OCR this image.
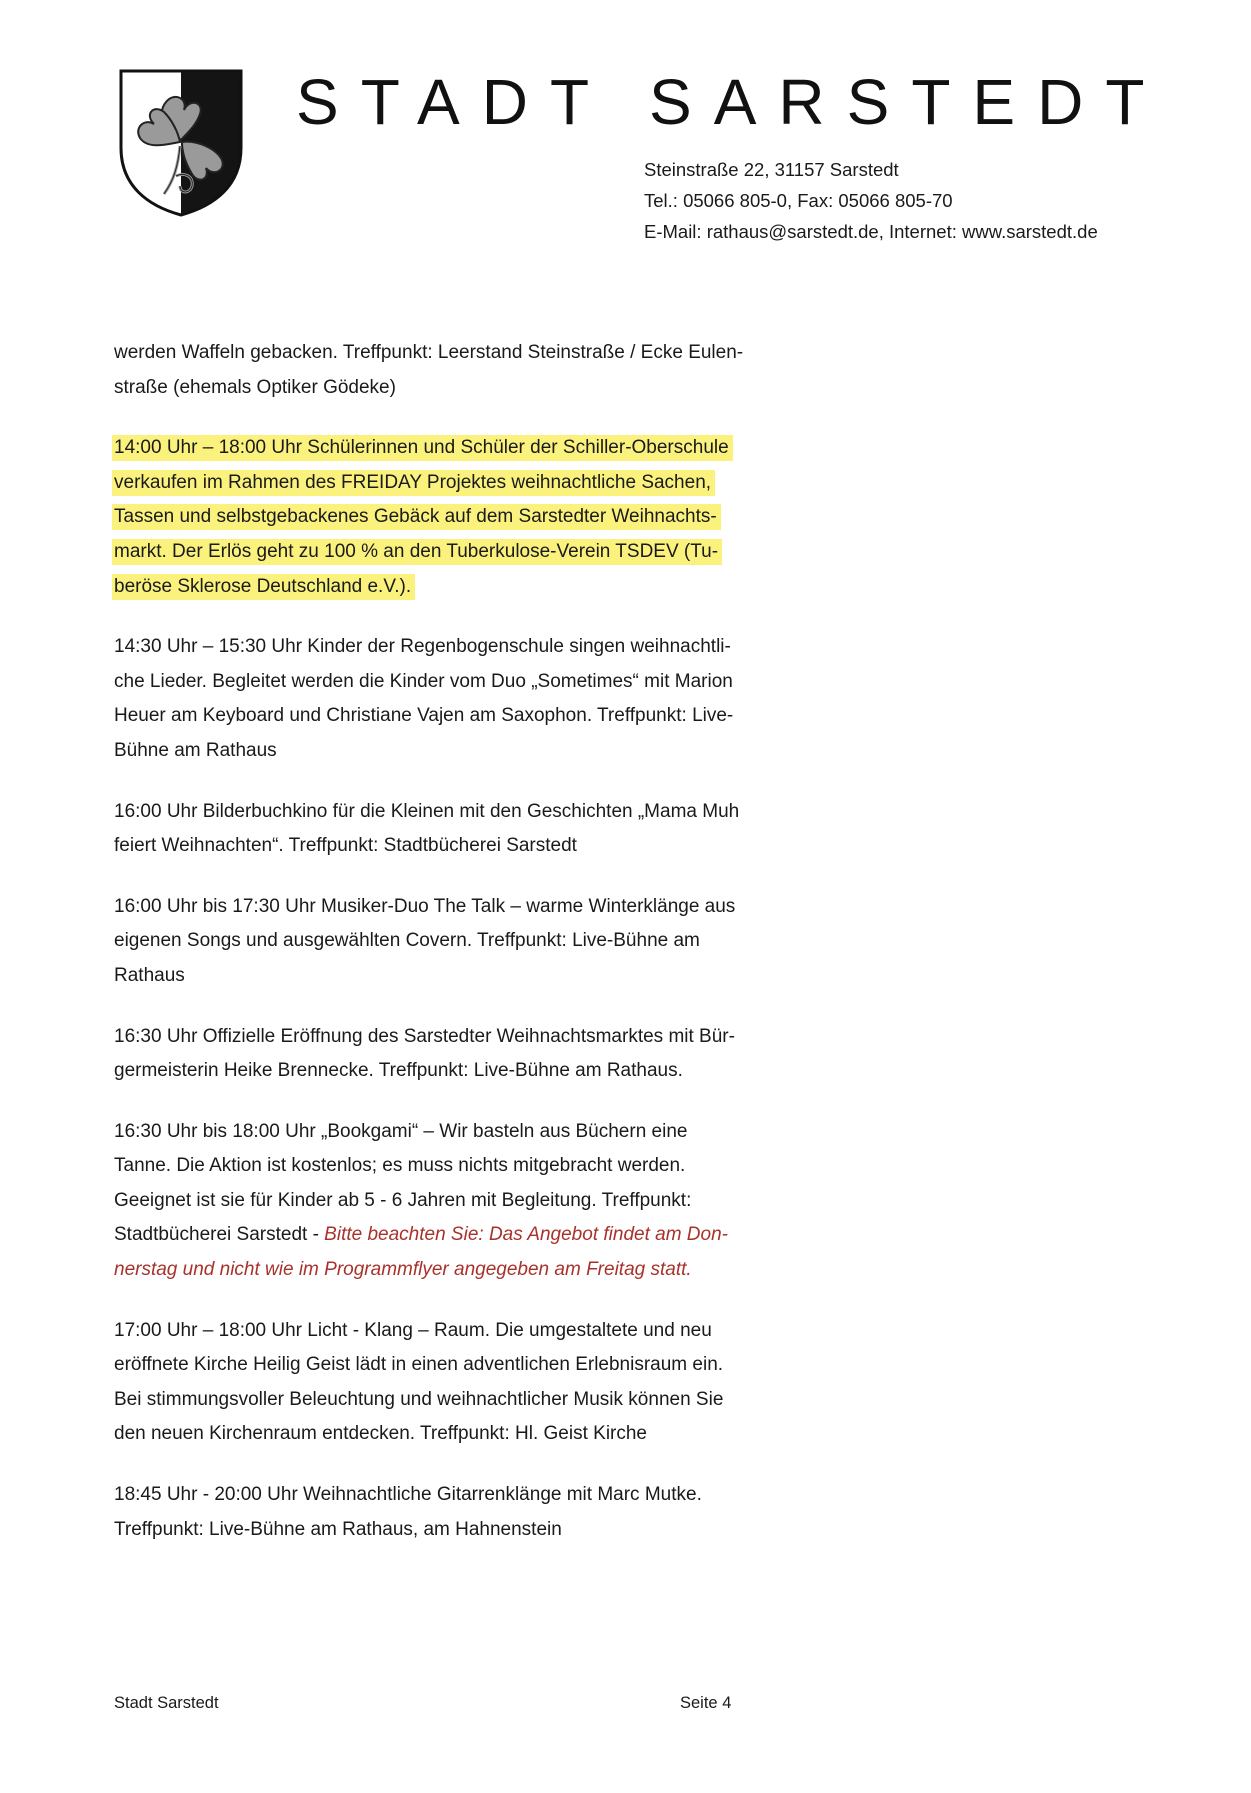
STADT SARSTEDT
Steinstraße 22, 31157 Sarstedt
Tel.: 05066 805-0, Fax: 05066 805-70
E-Mail: rathaus@sarstedt.de, Internet: www.sarstedt.de
werden Waffeln gebacken. Treffpunkt: Leerstand Steinstraße / Ecke Eulen-
straße (ehemals Optiker Gödeke)
14:00 Uhr – 18:00 Uhr Schülerinnen und Schüler der Schiller-Oberschule
verkaufen im Rahmen des FREIDAY Projektes weihnachtliche Sachen,
Tassen und selbstgebackenes Gebäck auf dem Sarstedter Weihnachts-
markt. Der Erlös geht zu 100 % an den Tuberkulose-Verein TSDEV (Tu-
beröse Sklerose Deutschland e.V.).
14:30 Uhr – 15:30 Uhr Kinder der Regenbogenschule singen weihnachtli-
che Lieder. Begleitet werden die Kinder vom Duo „Sometimes“ mit Marion
Heuer am Keyboard und Christiane Vajen am Saxophon. Treffpunkt: Live-
Bühne am Rathaus
16:00 Uhr Bilderbuchkino für die Kleinen mit den Geschichten „Mama Muh
feiert Weihnachten“. Treffpunkt: Stadtbücherei Sarstedt
16:00 Uhr bis 17:30 Uhr Musiker-Duo The Talk – warme Winterklänge aus
eigenen Songs und ausgewählten Covern. Treffpunkt: Live-Bühne am
Rathaus
16:30 Uhr Offizielle Eröffnung des Sarstedter Weihnachtsmarktes mit Bür-
germeisterin Heike Brennecke. Treffpunkt: Live-Bühne am Rathaus.
16:30 Uhr bis 18:00 Uhr „Bookgami“ – Wir basteln aus Büchern eine
Tanne. Die Aktion ist kostenlos; es muss nichts mitgebracht werden.
Geeignet ist sie für Kinder ab 5 - 6 Jahren mit Begleitung. Treffpunkt:
Stadtbücherei Sarstedt - Bitte beachten Sie: Das Angebot findet am Don-
nerstag und nicht wie im Programmflyer angegeben am Freitag statt.
17:00 Uhr – 18:00 Uhr Licht - Klang – Raum. Die umgestaltete und neu
eröffnete Kirche Heilig Geist lädt in einen adventlichen Erlebnisraum ein.
Bei stimmungsvoller Beleuchtung und weihnachtlicher Musik können Sie
den neuen Kirchenraum entdecken. Treffpunkt: Hl. Geist Kirche
18:45 Uhr - 20:00 Uhr Weihnachtliche Gitarrenklänge mit Marc Mutke.
Treffpunkt: Live-Bühne am Rathaus, am Hahnenstein
Stadt Sarstedt	Seite 4
